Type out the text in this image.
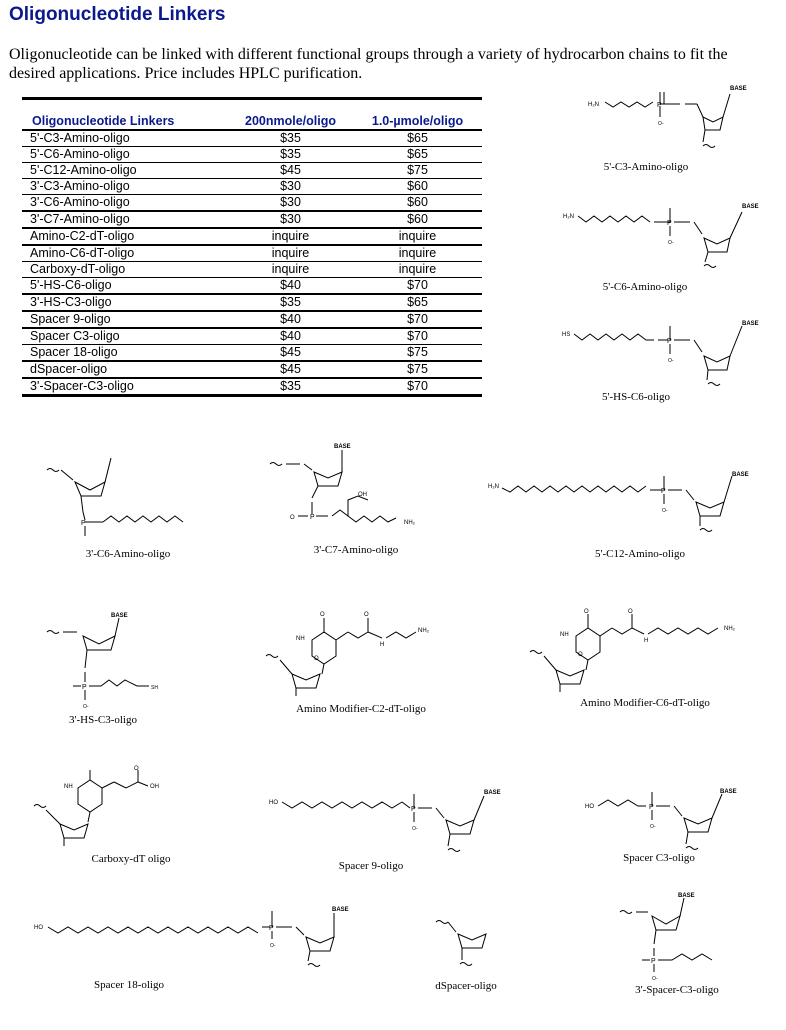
Oligonucleotide Linkers

Oligonucleotide can be linked with different functional groups through a variety of hydrocarbon chains to fit the desired applications. Price includes HPLC purification.

Oligonucleotide Linkers	200nmole/oligo	1.0-µmole/oligo
5'-C3-Amino-oligo	$35	$65
5'-C6-Amino-oligo	$35	$65
5'-C12-Amino-oligo	$45	$75
3'-C3-Amino-oligo	$30	$60
3'-C6-Amino-oligo	$30	$60
3'-C7-Amino-oligo	$30	$60
Amino-C2-dT-oligo	inquire	inquire
Amino-C6-dT-oligo	inquire	inquire
Carboxy-dT-oligo	inquire	inquire
5'-HS-C6-oligo	$40	$70
3'-HS-C3-oligo	$35	$65
Spacer 9-oligo	$40	$70
Spacer C3-oligo	$40	$70
Spacer 18-oligo	$45	$75
dSpacer-oligo	$45	$75
3'-Spacer-C3-oligo	$35	$70
H₂N	P
BASE
O-
5'-C3-Amino-oligo
H₂N
P
BASE
O-
5'-C6-Amino-oligo
HS
P
BASE
O-
5'-HS-C6-oligo
P
3'-C6-Amino-oligo
BASE
P
OH
NH₂
O
3'-C7-Amino-oligo
H₂N
P
BASE
O-
5'-C12-Amino-oligo
BASE
P	SH
O-
3'-HS-C3-oligo
NH
O
O	O
H
NH₂
Amino Modifier-C2-dT-oligo
NH
O
O	O
H
NH₂
Amino Modifier-C6-dT-oligo
NH	OH
O
Carboxy-dT oligo
HO
P
BASE
O-
Spacer 9-oligo
HO	P
BASE
O-
Spacer C3-oligo
HO	P
BASE
O-
Spacer 18-oligo	dSpacer-oligo
BASE
P
O-
3'-Spacer-C3-oligo
